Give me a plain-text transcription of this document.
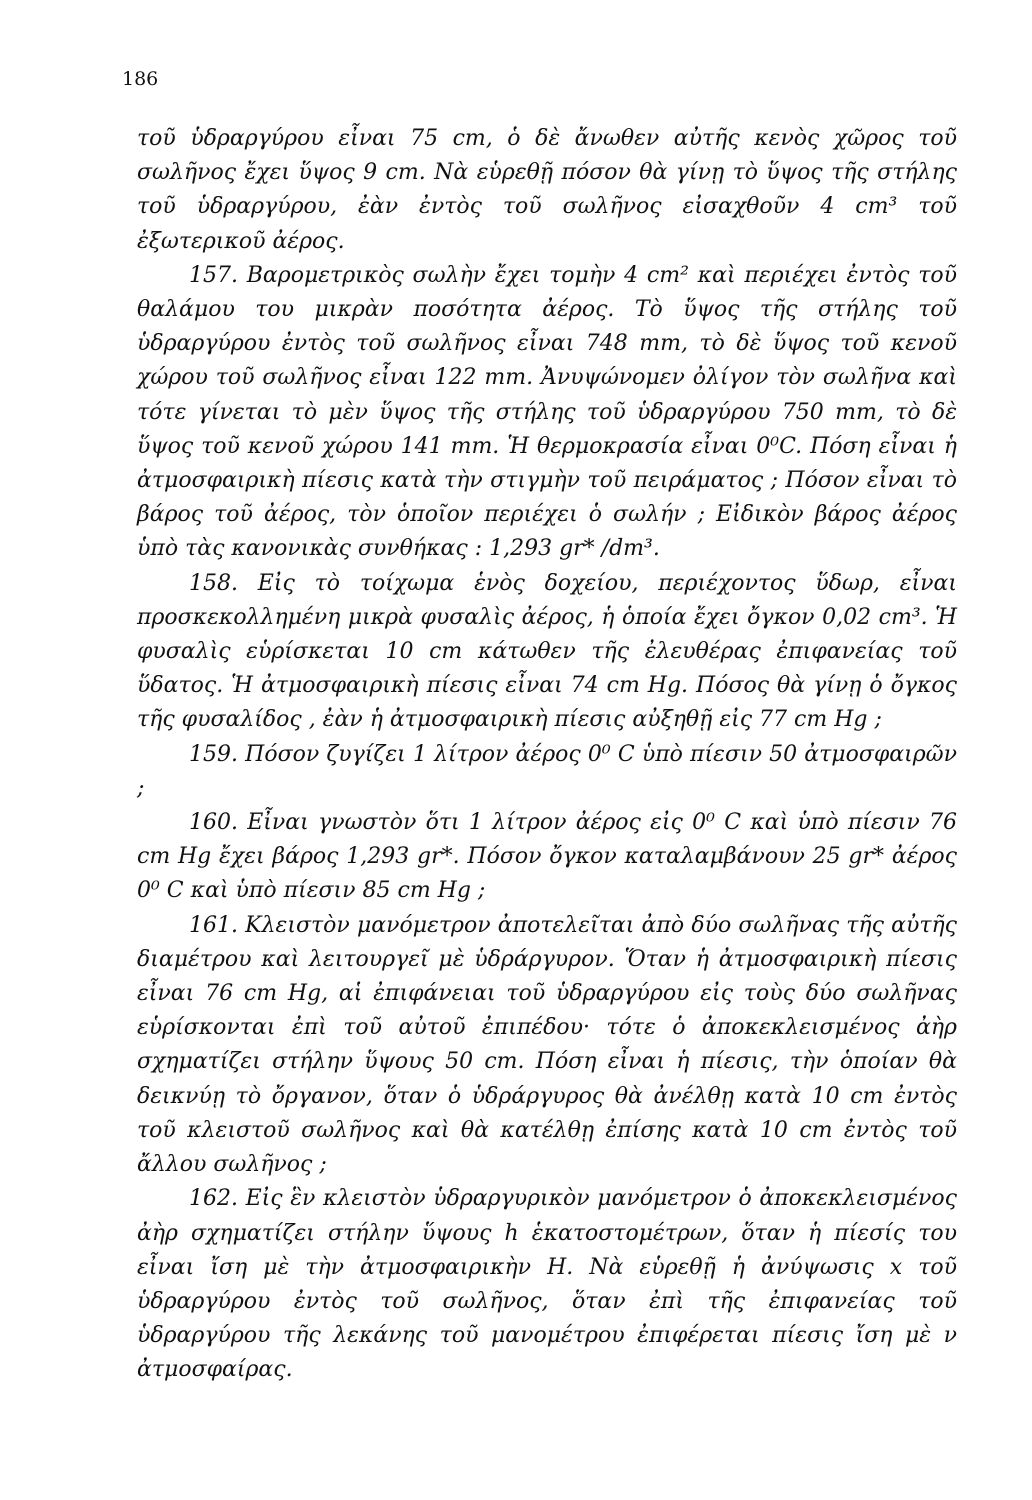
186

τοῦ ὑδραργύρου εἶναι 75 cm, ὁ δὲ ἄνωθεν αὐτῆς κενὸς χῶρος τοῦ σωλῆνος ἔχει ὕψος 9 cm. Νὰ εὑρεθῇ πόσον θὰ γίνῃ τὸ ὕψος τῆς στήλης τοῦ ὑδραργύρου, ἐὰν ἐντὸς τοῦ σωλῆνος εἰσαχθοῦν 4 cm³ τοῦ ἐξωτερικοῦ ἀέρος.

157. Βαρομετρικὸς σωλὴν ἔχει τομὴν 4 cm² καὶ περιέχει ἐντὸς τοῦ θαλάμου του μικρὰν ποσότητα ἀέρος. Τὸ ὕψος τῆς στήλης τοῦ ὑδραργύρου ἐντὸς τοῦ σωλῆνος εἶναι 748 mm, τὸ δὲ ὕψος τοῦ κενοῦ χώρου τοῦ σωλῆνος εἶναι 122 mm. Ἀνυψώνομεν ὀλίγον τὸν σωλῆνα καὶ τότε γίνεται τὸ μὲν ὕψος τῆς στήλης τοῦ ὑδραργύρου 750 mm, τὸ δὲ ὕψος τοῦ κενοῦ χώρου 141 mm. Ἡ θερμοκρασία εἶναι 0⁰C. Πόση εἶναι ἡ ἀτμοσφαιρικὴ πίεσις κατὰ τὴν στιγμὴν τοῦ πειράματος ; Πόσον εἶναι τὸ βάρος τοῦ ἀέρος, τὸν ὁποῖον περιέχει ὁ σωλήν ; Εἰδικὸν βάρος ἀέρος ὑπὸ τὰς κανονικὰς συνθήκας : 1,293 gr* /dm³.

158. Εἰς τὸ τοίχωμα ἑνὸς δοχείου, περιέχοντος ὕδωρ, εἶναι προσκεκολλημένη μικρὰ φυσαλὶς ἀέρος, ἡ ὁποία ἔχει ὄγκον 0,02 cm³. Ἡ φυσαλὶς εὑρίσκεται 10 cm κάτωθεν τῆς ἐλευθέρας ἐπιφανείας τοῦ ὕδατος. Ἡ ἀτμοσφαιρικὴ πίεσις εἶναι 74 cm Hg. Πόσος θὰ γίνῃ ὁ ὄγκος τῆς φυσαλίδος , ἐὰν ἡ ἀτμοσφαιρικὴ πίεσις αὐξηθῇ εἰς 77 cm Hg ;

159. Πόσον ζυγίζει 1 λίτρον ἀέρος 0⁰ C ὑπὸ πίεσιν 50 ἀτμοσφαιρῶν ;

160. Εἶναι γνωστὸν ὅτι 1 λίτρον ἀέρος εἰς 0⁰ C καὶ ὑπὸ πίεσιν 76 cm Hg ἔχει βάρος 1,293 gr*. Πόσον ὄγκον καταλαμβάνουν 25 gr* ἀέρος 0⁰ C καὶ ὑπὸ πίεσιν 85 cm Hg ;

161. Κλειστὸν μανόμετρον ἀποτελεῖται ἀπὸ δύο σωλῆνας τῆς αὐτῆς διαμέτρου καὶ λειτουργεῖ μὲ ὑδράργυρον. Ὅταν ἡ ἀτμοσφαιρικὴ πίεσις εἶναι 76 cm Hg, αἱ ἐπιφάνειαι τοῦ ὑδραργύρου εἰς τοὺς δύο σωλῆνας εὑρίσκονται ἐπὶ τοῦ αὐτοῦ ἐπιπέδου· τότε ὁ ἀποκεκλεισμένος ἀὴρ σχηματίζει στήλην ὕψους 50 cm. Πόση εἶναι ἡ πίεσις, τὴν ὁποίαν θὰ δεικνύῃ τὸ ὄργανον, ὅταν ὁ ὑδράργυρος θὰ ἀνέλθῃ κατὰ 10 cm ἐντὸς τοῦ κλειστοῦ σωλῆνος καὶ θὰ κατέλθῃ ἐπίσης κατὰ 10 cm ἐντὸς τοῦ ἄλλου σωλῆνος ;

162. Εἰς ἓν κλειστὸν ὑδραργυρικὸν μανόμετρον ὁ ἀποκεκλεισμένος ἀὴρ σχηματίζει στήλην ὕψους h ἑκατοστομέτρων, ὅταν ἡ πίεσίς του εἶναι ἴση μὲ τὴν ἀτμοσφαιρικὴν H. Νὰ εὑρεθῇ ἡ ἀνύψωσις x τοῦ ὑδραργύρου ἐντὸς τοῦ σωλῆνος, ὅταν ἐπὶ τῆς ἐπιφανείας τοῦ ὑδραργύρου τῆς λεκάνης τοῦ μανομέτρου ἐπιφέρεται πίεσις ἴση μὲ ν ἀτμοσφαίρας.
